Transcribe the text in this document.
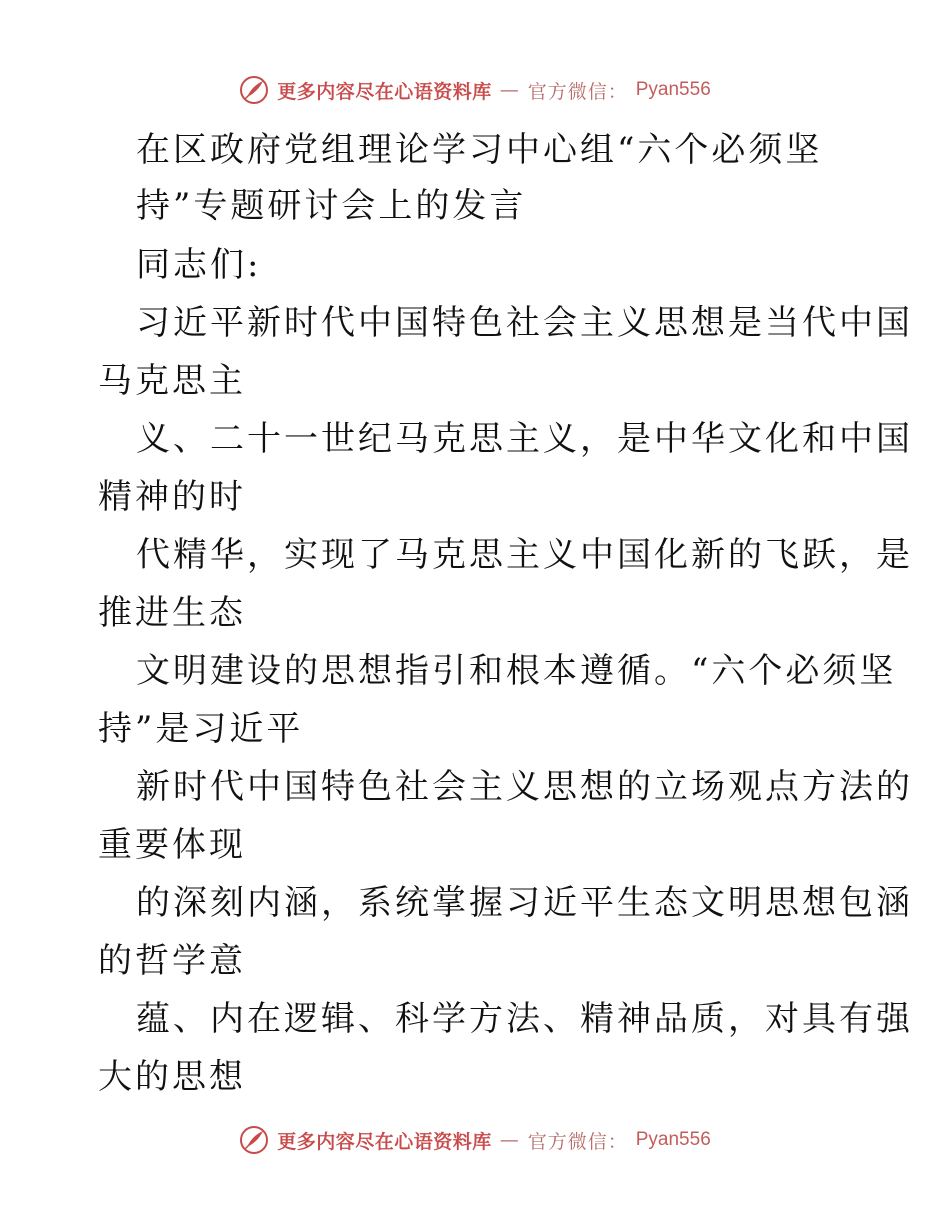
更多内容尽在心语资料库 — 官方微信： Pyan556
在区政府党组理论学习中心组“六个必须坚
持”专题研讨会上的发言
同志们:
习近平新时代中国特色社会主义思想是当代中国
马克思主
义、二十一世纪马克思主义，是中华文化和中国
精神的时
代精华，实现了马克思主义中国化新的飞跃，是
推进生态
文明建设的思想指引和根本遵循。“六个必须坚
持”是习近平
新时代中国特色社会主义思想的立场观点方法的
重要体现
的深刻内涵，系统掌握习近平生态文明思想包涵
的哲学意
蕴、内在逻辑、科学方法、精神品质，对具有强
大的思想
更多内容尽在心语资料库 — 官方微信： Pyan556
